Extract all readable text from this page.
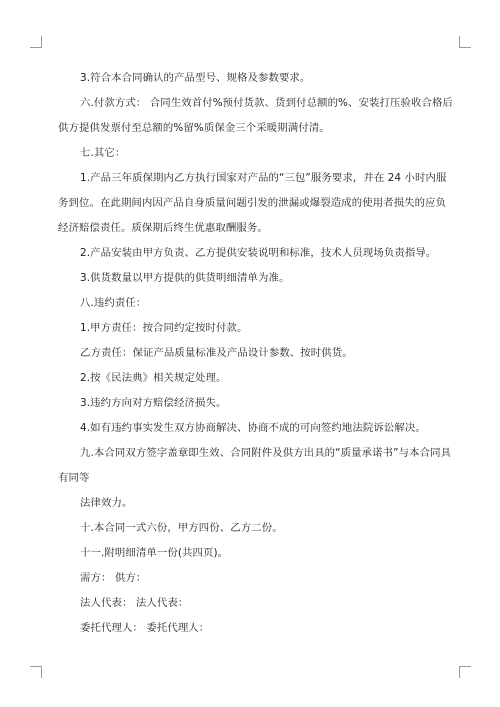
3.符合本合同确认的产品型号、规格及参数要求。
六.付款方式： 合同生效首付%预付货款、货到付总额的%、安装打压验收合格后
供方提供发票付至总额的%留%质保金三个采暖期满付清。
七.其它：
1.产品三年质保期内乙方执行国家对产品的“三包”服务要求，并在 24 小时内服
务到位。在此期间内因产品自身质量问题引发的泄漏或爆裂造成的使用者损失的应负
经济赔偿责任。质保期后终生优惠取酬服务。
2.产品安装由甲方负责、乙方提供安装说明和标准，技术人员现场负责指导。
3.供货数量以甲方提供的供货明细清单为准。
八.违约责任：
1.甲方责任：按合同约定按时付款。
乙方责任：保证产品质量标准及产品设计参数、按时供货。
2.按《民法典》相关规定处理。
3.违约方向对方赔偿经济损失。
4.如有违约事实发生双方协商解决、协商不成的可向签约地法院诉讼解决。
九.本合同双方签字盖章即生效、合同附件及供方出具的“质量承诺书”与本合同具
有同等
法律效力。
十.本合同一式六份，甲方四份、乙方二份。
十一.附明细清单一份(共四页)。
需方： 供方：
法人代表： 法人代表：
委托代理人： 委托代理人：
